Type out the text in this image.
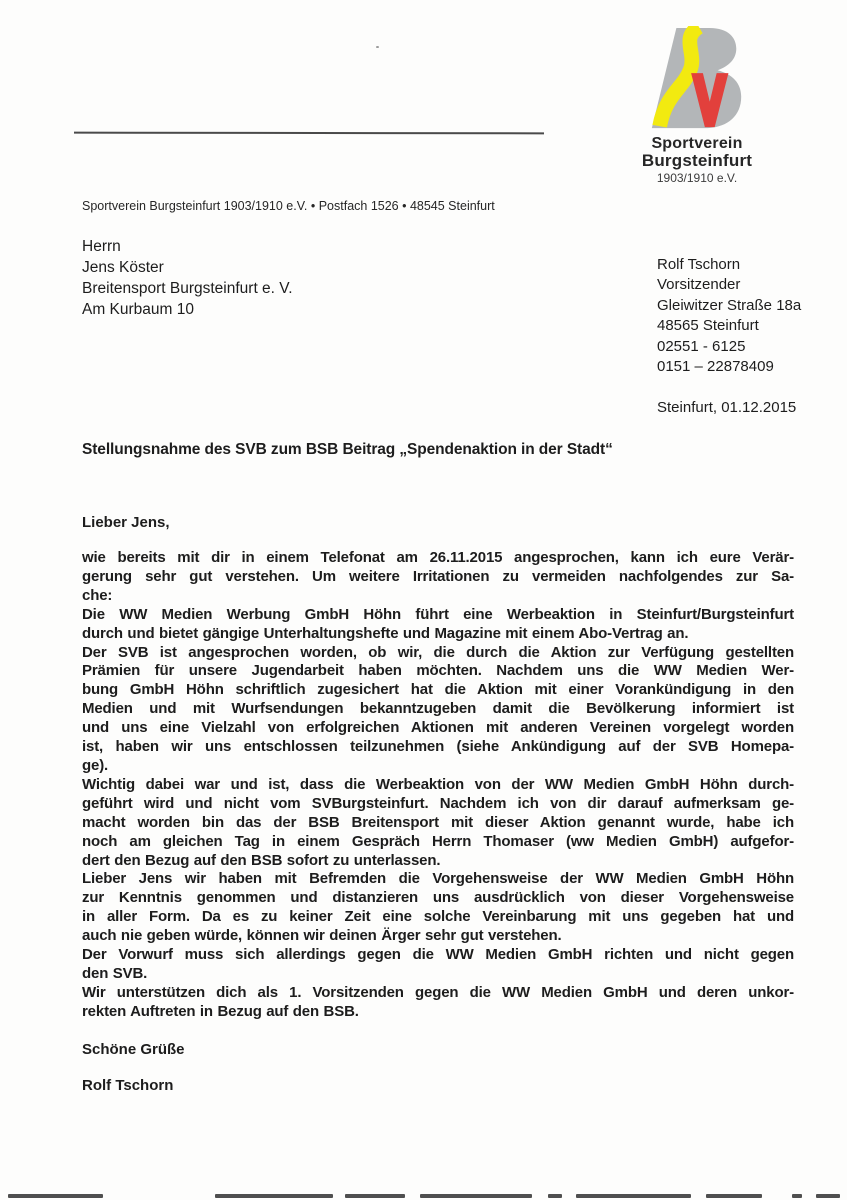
Sportverein
Burgsteinfurt
1903/1910 e.V.
Sportverein Burgsteinfurt 1903/1910 e.V. • Postfach 1526 • 48545 Steinfurt
Herrn
Jens Köster
Breitensport Burgsteinfurt e. V.
Am Kurbaum 10
Rolf Tschorn
Vorsitzender
Gleiwitzer Straße 18a
48565 Steinfurt
02551 - 6125
0151 – 22878409
Steinfurt, 01.12.2015
Stellungsnahme des SVB zum BSB Beitrag „Spendenaktion in der Stadt“
Lieber Jens,
wie bereits mit dir in einem Telefonat am 26.11.2015 angesprochen, kann ich eure Verär-
gerung sehr gut verstehen. Um weitere Irritationen zu vermeiden nachfolgendes zur Sa-
che:
Die WW Medien Werbung GmbH Höhn führt eine Werbeaktion in Steinfurt/Burgsteinfurt
durch und bietet gängige Unterhaltungshefte und Magazine mit einem Abo-Vertrag an.
Der SVB ist angesprochen worden, ob wir, die durch die Aktion zur Verfügung gestellten
Prämien für unsere Jugendarbeit haben möchten. Nachdem uns die WW Medien Wer-
bung GmbH Höhn schriftlich zugesichert hat die Aktion mit einer Vorankündigung in den
Medien und mit Wurfsendungen bekanntzugeben damit die Bevölkerung informiert ist
und uns eine Vielzahl von erfolgreichen Aktionen mit anderen Vereinen vorgelegt worden
ist, haben wir uns entschlossen teilzunehmen (siehe Ankündigung auf der SVB Homepa-
ge).
Wichtig dabei war und ist, dass die Werbeaktion von der WW Medien GmbH Höhn durch-
geführt wird und nicht vom SVBurgsteinfurt. Nachdem ich von dir darauf aufmerksam ge-
macht worden bin das der BSB Breitensport mit dieser Aktion genannt wurde, habe ich
noch am gleichen Tag in einem Gespräch Herrn Thomaser (ww Medien GmbH) aufgefor-
dert den Bezug auf den BSB sofort zu unterlassen.
Lieber Jens wir haben mit Befremden die Vorgehensweise der WW Medien GmbH Höhn
zur Kenntnis genommen und distanzieren uns ausdrücklich von dieser Vorgehensweise
in aller Form. Da es zu keiner Zeit eine solche Vereinbarung mit uns gegeben hat und
auch nie geben würde, können wir deinen Ärger sehr gut verstehen.
Der Vorwurf muss sich allerdings gegen die WW Medien GmbH richten und nicht gegen
den SVB.
Wir unterstützen dich als 1. Vorsitzenden gegen die WW Medien GmbH und deren unkor-
rekten Auftreten in Bezug auf den BSB.
Schöne Grüße
Rolf Tschorn
